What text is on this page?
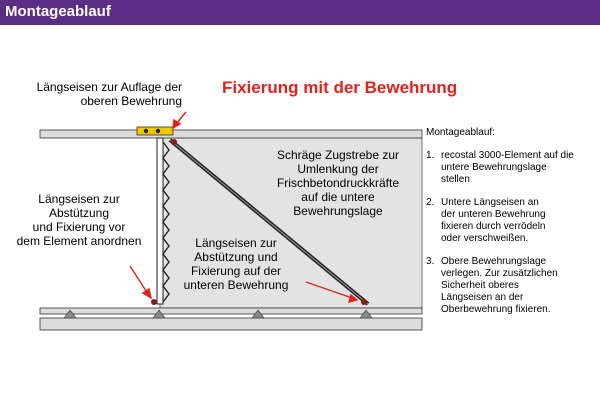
Montageablauf
Fixierung mit der Bewehrung
Längseisen zur Auflage der
oberen Bewehrung
Längseisen zur
Abstützung
und Fixierung vor
dem Element anordnen
Schräge Zugstrebe zur
Umlenkung der
Frischbetondruckkräfte
auf die untere
Bewehrungslage
Längseisen zur
Abstützung und
Fixierung auf der
unteren Bewehrung
Montageablauf:
1. recostal 3000-Element auf die
untere Bewehrungslage
stellen
2. Untere Längseisen an
der unteren Bewehrung
fixieren durch verrödeln
oder verschweißen.
3. Obere Bewehrungslage
verlegen. Zur zusätzlichen
Sicherheit oberes
Längseisen an der
Oberbewehrung fixieren.
